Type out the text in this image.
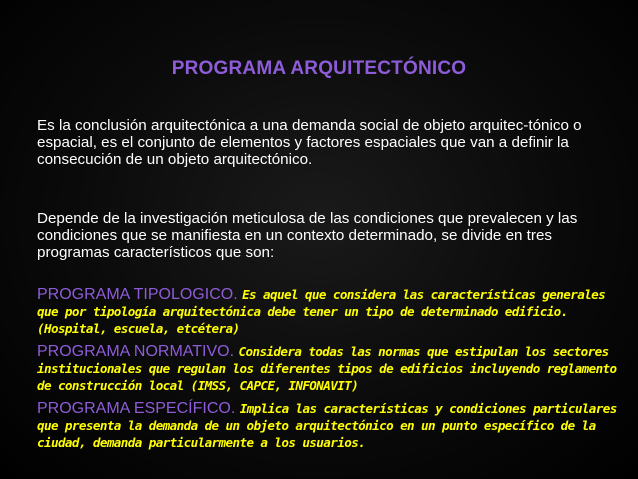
PROGRAMA ARQUITECTÓNICO
Es la conclusión arquitectónica a una demanda social de objeto arquitec-tónico o espacial, es el conjunto de elementos y factores espaciales que van a definir la consecución de un objeto arquitectónico.
Depende de la investigación meticulosa de las condiciones que prevalecen y las condiciones que se manifiesta en un contexto determinado, se divide en tres programas característicos que son:
PROGRAMA TIPOLOGICO. Es aquel que considera las características generales que por tipología arquitectónica debe tener un tipo de determinado edificio. (Hospital, escuela, etcétera)
PROGRAMA NORMATIVO. Considera todas las normas que estipulan los sectores institucionales que regulan los diferentes tipos de edificios incluyendo reglamento de construcción local (IMSS, CAPCE, INFONAVIT)
PROGRAMA ESPECÍFICO. Implica las características y condiciones particulares que presenta la demanda de un objeto arquitectónico en un punto específico de la ciudad, demanda particularmente a los usuarios.
